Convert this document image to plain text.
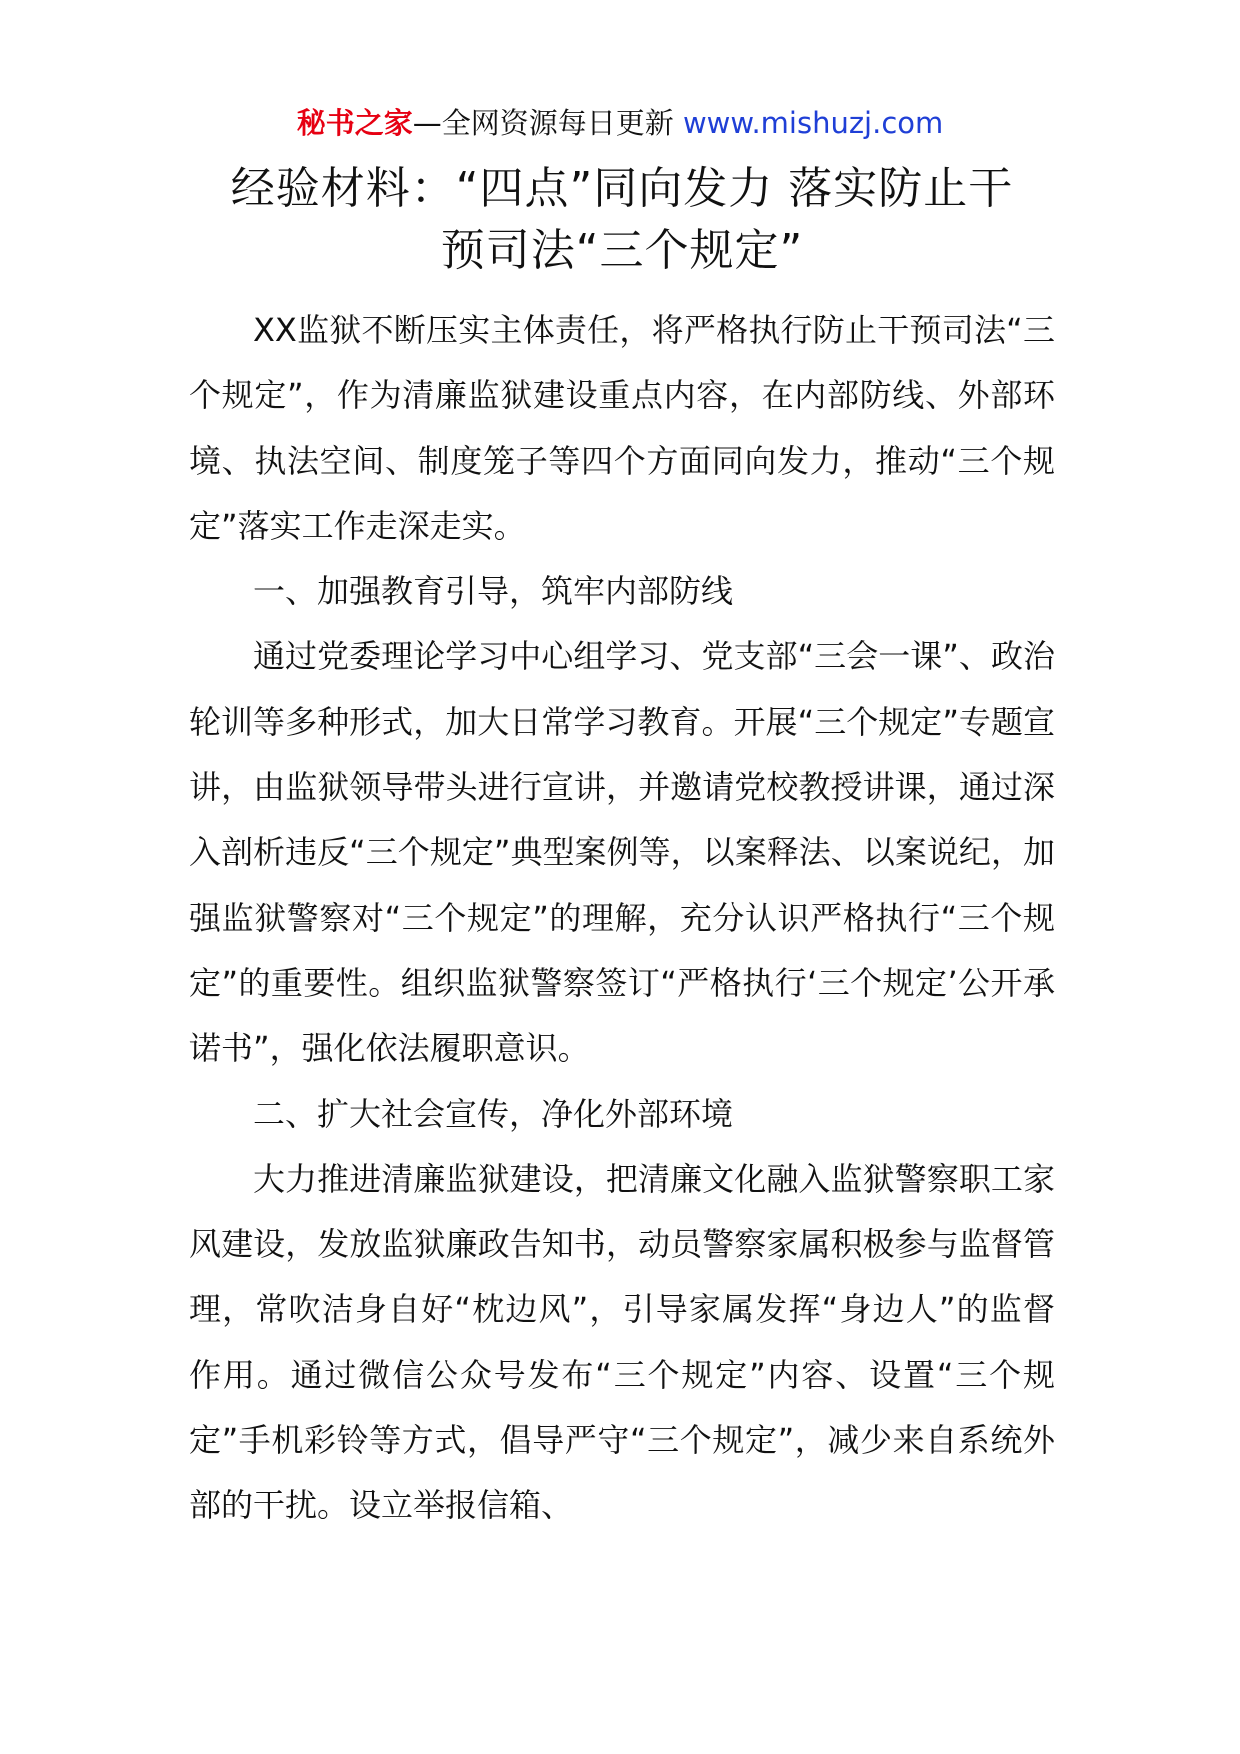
秘书之家—全网资源每日更新 www.mishuzj.com
经验材料：“四点”同向发力 落实防止干
预司法“三个规定”

XX监狱不断压实主体责任，将严格执行防止干预司法“三个规定”，作为清廉监狱建设重点内容，在内部防线、外部环境、执法空间、制度笼子等四个方面同向发力，推动“三个规定”落实工作走深走实。

一、加强教育引导，筑牢内部防线

通过党委理论学习中心组学习、党支部“三会一课”、政治轮训等多种形式，加大日常学习教育。开展“三个规定”专题宣讲，由监狱领导带头进行宣讲，并邀请党校教授讲课，通过深入剖析违反“三个规定”典型案例等，以案释法、以案说纪，加强监狱警察对“三个规定”的理解，充分认识严格执行“三个规定”的重要性。组织监狱警察签订“严格执行‘三个规定’公开承诺书”，强化依法履职意识。

二、扩大社会宣传，净化外部环境

大力推进清廉监狱建设，把清廉文化融入监狱警察职工家风建设，发放监狱廉政告知书，动员警察家属积极参与监督管理，常吹洁身自好“枕边风”，引导家属发挥“身边人”的监督作用。通过微信公众号发布“三个规定”内容、设置“三个规定”手机彩铃等方式，倡导严守“三个规定”，减少来自系统外部的干扰。设立举报信箱、
